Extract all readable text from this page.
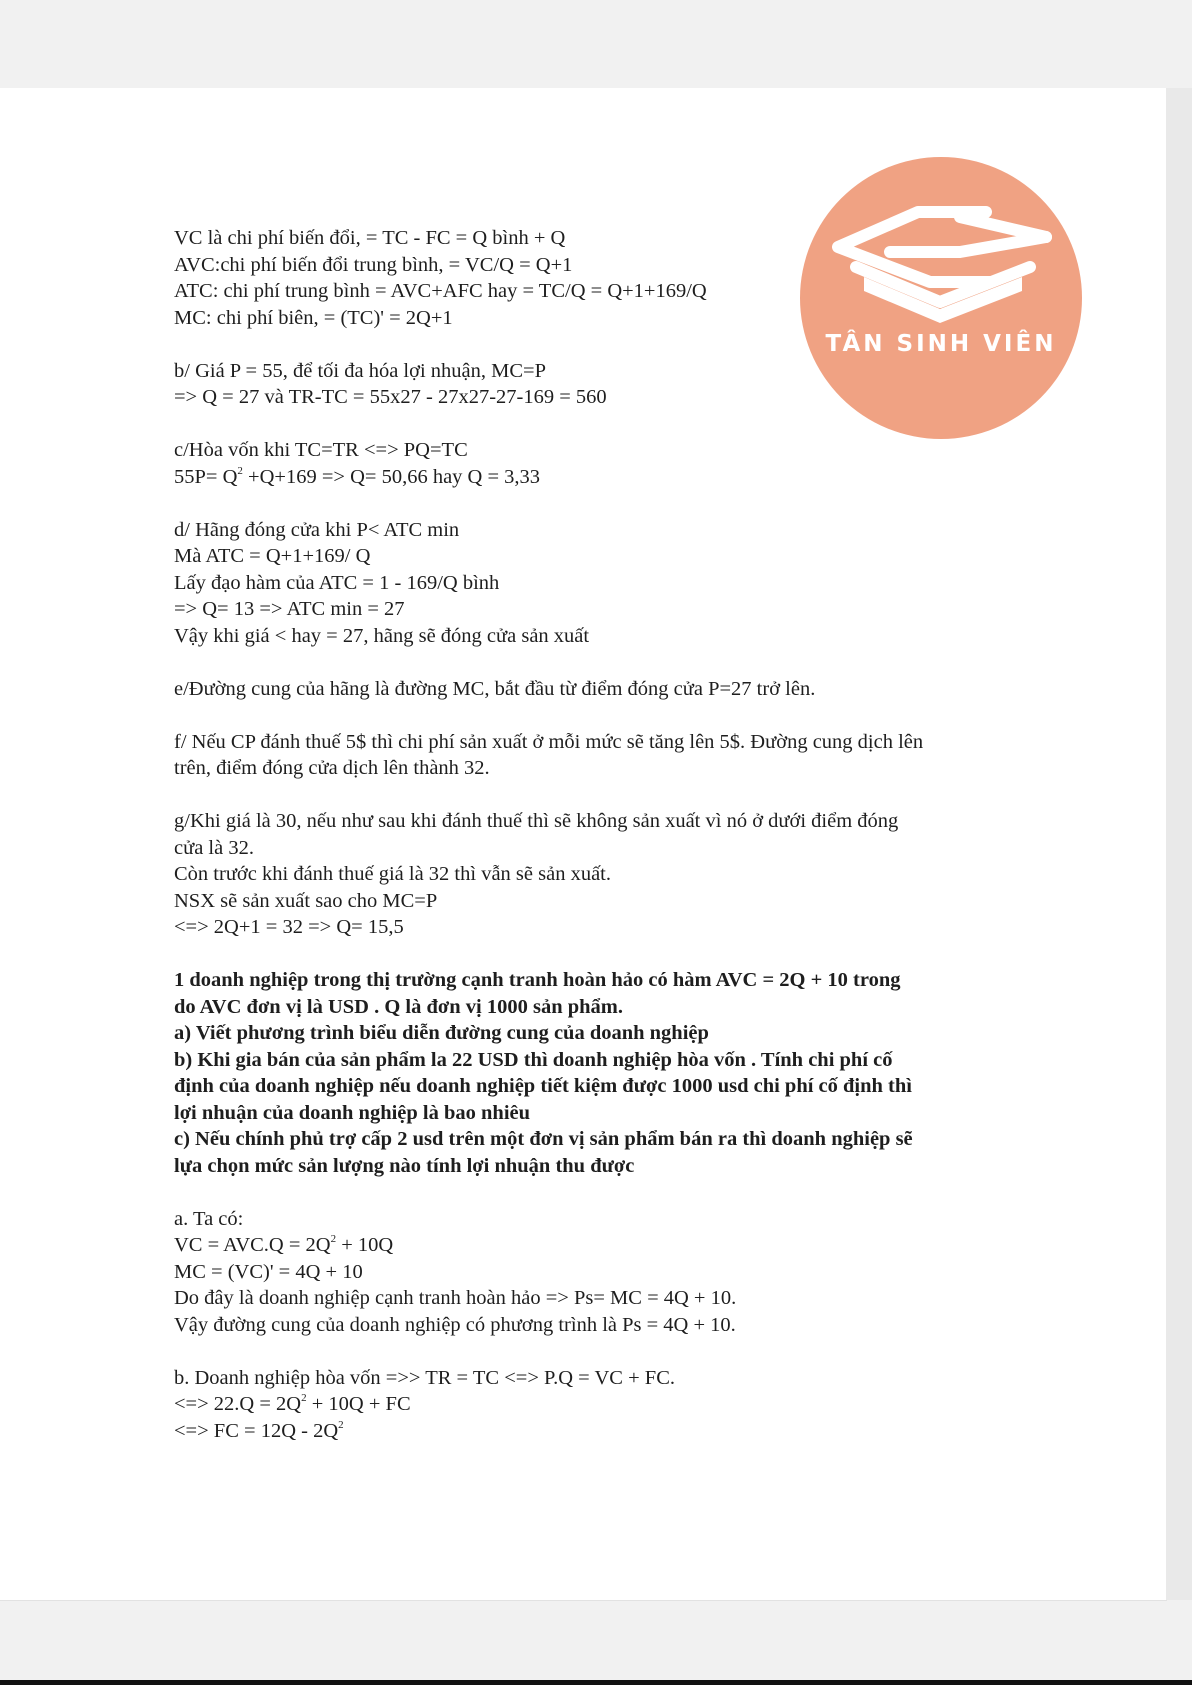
TÂN SINH VIÊN
VC là chi phí biến đổi, = TC - FC = Q bình + Q
AVC:chi phí biến đổi trung bình, = VC/Q = Q+1
ATC: chi phí trung bình = AVC+AFC hay = TC/Q = Q+1+169/Q
MC: chi phí biên, = (TC)' = 2Q+1
b/ Giá P = 55, để tối đa hóa lợi nhuận, MC=P
=> Q = 27 và TR-TC = 55x27 - 27x27-27-169 = 560
c/Hòa vốn khi TC=TR <=> PQ=TC
$55P= Q^2 +Q+169 => Q= 50,66$ hay Q = 3,33
d/ Hãng đóng cửa khi P< ATC min
Mà ATC = Q+1+169/ Q
Lấy đạo hàm của ATC = 1 - 169/Q bình
=> Q= 13 => ATC min = 27
Vậy khi giá < hay = 27, hãng sẽ đóng cửa sản xuất
e/Đường cung của hãng là đường MC, bắt đầu từ điểm đóng cửa P=27 trở lên.
f/ Nếu CP đánh thuế 5$ thì chi phí sản xuất ở mỗi mức sẽ tăng lên 5$. Đường cung dịch lên
trên, điểm đóng cửa dịch lên thành 32.
g/Khi giá là 30, nếu như sau khi đánh thuế thì sẽ không sản xuất vì nó ở dưới điểm đóng
cửa là 32.
Còn trước khi đánh thuế giá là 32 thì vẫn sẽ sản xuất.
NSX sẽ sản xuất sao cho MC=P
<=> 2Q+1 = 32 => Q= 15,5
1 doanh nghiệp trong thị trường cạnh tranh hoàn hảo có hàm AVC = 2Q + 10 trong
do AVC đơn vị là USD . Q là đơn vị 1000 sản phẩm.
a) Viết phương trình biểu diễn đường cung của doanh nghiệp
b) Khi gia bán của sản phẩm la 22 USD thì doanh nghiệp hòa vốn . Tính chi phí cố
định của doanh nghiệp nếu doanh nghiệp tiết kiệm được 1000 usd chi phí cố định thì
lợi nhuận của doanh nghiệp là bao nhiêu
c) Nếu chính phủ trợ cấp 2 usd trên một đơn vị sản phẩm bán ra thì doanh nghiệp sẽ
lựa chọn mức sản lượng nào tính lợi nhuận thu được
a. Ta có:
VC = $AVC.Q = 2Q^2 + 10Q$
MC = (VC)' = 4Q + 10
Do đây là doanh nghiệp cạnh tranh hoàn hảo => Ps= MC = 4Q + 10.
Vậy đường cung của doanh nghiệp có phương trình là Ps = 4Q + 10.
b. Doanh nghiệp hòa vốn =>> TR = TC <=> P.Q = VC + FC.
<=> $22.Q = 2Q^2 + 10Q$ + FC
<=> FC = $12Q - 2Q^2$
